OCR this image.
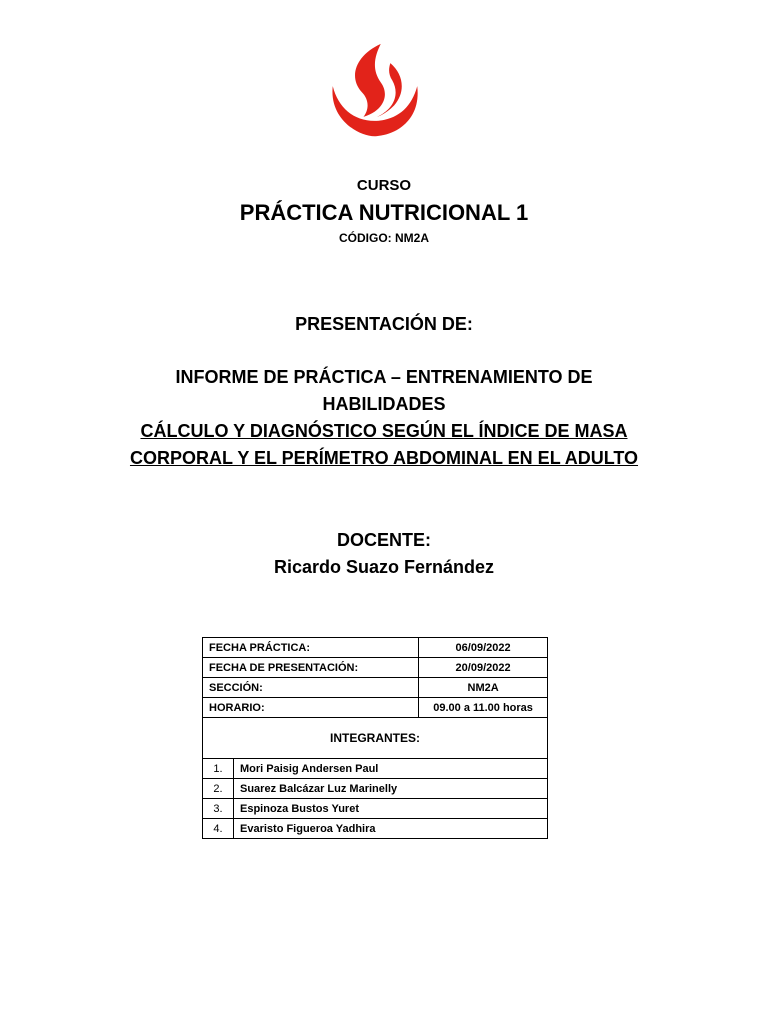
CURSO
PRÁCTICA NUTRICIONAL 1
CÓDIGO: NM2A
PRESENTACIÓN DE:
INFORME DE PRÁCTICA – ENTRENAMIENTO DE
HABILIDADES
CÁLCULO Y DIAGNÓSTICO SEGÚN EL ÍNDICE DE MASA
CORPORAL Y EL PERÍMETRO ABDOMINAL EN EL ADULTO
DOCENTE:
Ricardo Suazo Fernández
FECHA PRÁCTICA:		06/09/2022
FECHA DE PRESENTACIÓN:		20/09/2022
SECCIÓN:		NM2A
HORARIO:		09.00 a 11.00 horas
INTEGRANTES:		
1.	Mori Paisig Andersen Paul	
2.	Suarez Balcázar Luz Marinelly	
3.	Espinoza Bustos Yuret	
4.	Evaristo Figueroa Yadhira	
